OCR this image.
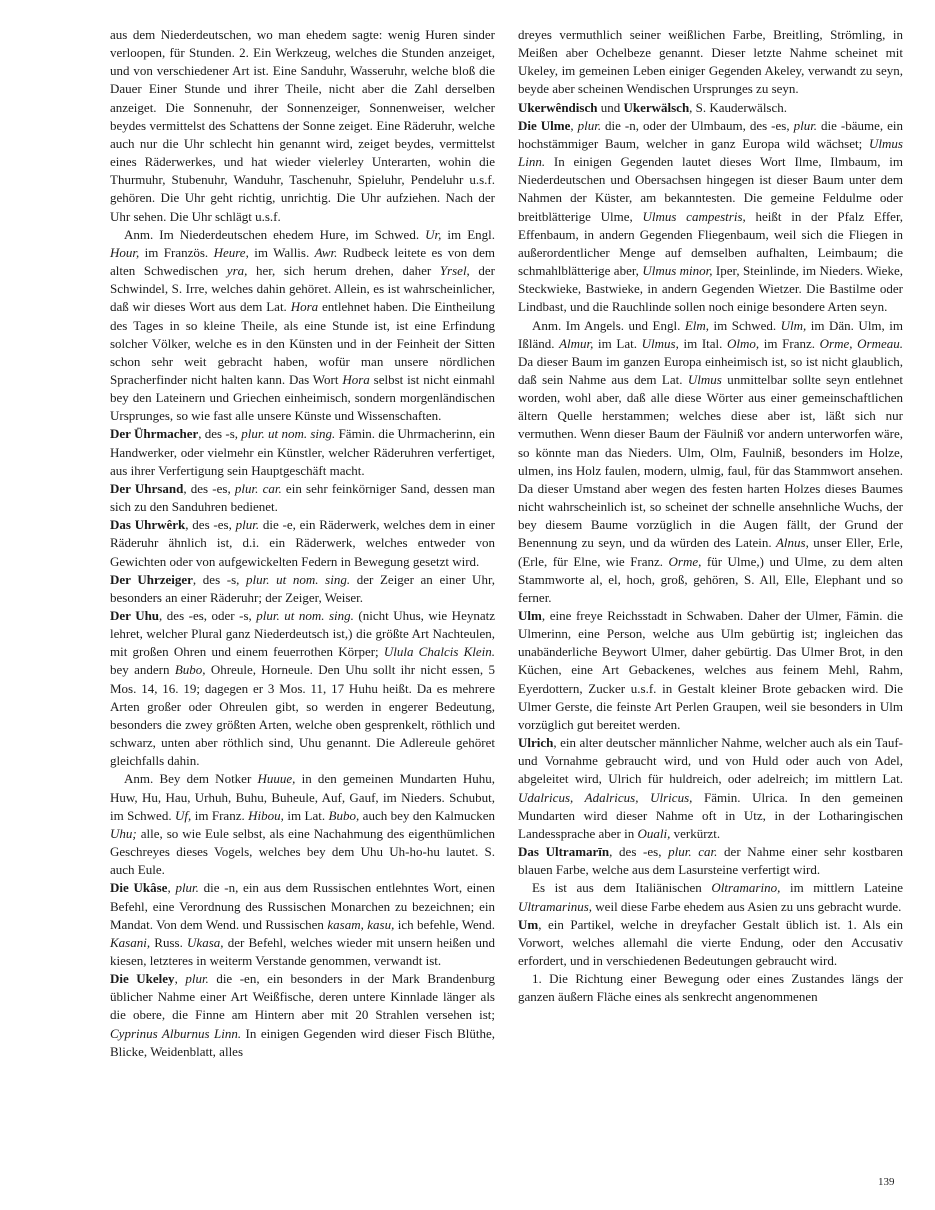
aus dem Niederdeutschen, wo man ehedem sagte: wenig Huren sinder verloopen, für Stunden. 2. Ein Werkzeug, welches die Stunden anzeiget, und von verschiedener Art ist. Eine Sanduhr, Wasseruhr, welche bloß die Dauer Einer Stunde und ihrer Theile, nicht aber die Zahl derselben anzeiget. Die Sonnenuhr, der Sonnenzeiger, Sonnenweiser, welcher beydes vermittelst des Schattens der Sonne zeiget. Eine Räderuhr, welche auch nur die Uhr schlecht hin genannt wird, zeiget beydes, vermittelst eines Räderwerkes, und hat wieder vielerley Unterarten, wohin die Thurmuhr, Stubenuhr, Wanduhr, Taschenuhr, Spieluhr, Pendeluhr u.s.f. gehören. Die Uhr geht richtig, unrichtig. Die Uhr aufziehen. Nach der Uhr sehen. Die Uhr schlägt u.s.f.

Anm. Im Niederdeutschen ehedem Hure, im Schwed. Ur, im Engl. Hour, im Französ. Heure, im Wallis. Awr. Rudbeck leitete es von dem alten Schwedischen yra, her, sich herum drehen, daher Yrsel, der Schwindel, S. Irre, welches dahin gehöret. Allein, es ist wahrscheinlicher, daß wir dieses Wort aus dem Lat. Hora entlehnet haben. Die Eintheilung des Tages in so kleine Theile, als eine Stunde ist, ist eine Erfindung solcher Völker, welche es in den Künsten und in der Feinheit der Sitten schon sehr weit gebracht haben, wofür man unsere nördlichen Spracherfinder nicht halten kann. Das Wort Hora selbst ist nicht einmahl bey den Lateinern und Griechen einheimisch, sondern morgenländischen Ursprunges, so wie fast alle unsere Künste und Wissenschaften.

Der Ührmacher, des -s, plur. ut nom. sing. Fämin. die Uhrmacherinn, ein Handwerker, oder vielmehr ein Künstler, welcher Räderuhren verfertiget, aus ihrer Verfertigung sein Hauptgeschäft macht.

Der Uhrsand, des -es, plur. car. ein sehr feinkörniger Sand, dessen man sich zu den Sanduhren bedienet.

Das Uhrwêrk, des -es, plur. die -e, ein Räderwerk, welches dem in einer Räderuhr ähnlich ist, d.i. ein Räderwerk, welches entweder von Gewichten oder von aufgewickelten Federn in Bewegung gesetzt wird.

Der Uhrzeiger, des -s, plur. ut nom. sing. der Zeiger an einer Uhr, besonders an einer Räderuhr; der Zeiger, Weiser.

Der Uhu, des -es, oder -s, plur. ut nom. sing. (nicht Uhus, wie Heynatz lehret, welcher Plural ganz Niederdeutsch ist,) die größte Art Nachteulen, mit großen Ohren und einem feuerrothen Körper; Ulula Chalcis Klein. bey andern Bubo, Ohreule, Horneule. Den Uhu sollt ihr nicht essen, 5 Mos. 14, 16. 19; dagegen er 3 Mos. 11, 17 Huhu heißt. Da es mehrere Arten großer oder Ohreulen gibt, so werden in engerer Bedeutung, besonders die zwey größten Arten, welche oben gesprenkelt, röthlich und schwarz, unten aber röthlich sind, Uhu genannt. Die Adlereule gehöret gleichfalls dahin.

Anm. Bey dem Notker Huuue, in den gemeinen Mundarten Huhu, Huw, Hu, Hau, Urhuh, Buhu, Buheule, Auf, Gauf, im Nieders. Schubut, im Schwed. Uf, im Franz. Hibou, im Lat. Bubo, auch bey den Kalmucken Uhu; alle, so wie Eule selbst, als eine Nachahmung des eigenthümlichen Geschreyes dieses Vogels, welches bey dem Uhu Uh-ho-hu lautet. S. auch Eule.

Die Ukâse, plur. die -n, ein aus dem Russischen entlehntes Wort, einen Befehl, eine Verordnung des Russischen Monarchen zu bezeichnen; ein Mandat. Von dem Wend. und Russischen kasam, kasu, ich befehle, Wend. Kasani, Russ. Ukasa, der Befehl, welches wieder mit unsern heißen und kiesen, letzteres in weiterm Verstande genommen, verwandt ist.

Die Ukeley, plur. die -en, ein besonders in der Mark Brandenburg üblicher Nahme einer Art Weißfische, deren untere Kinnlade länger als die obere, die Finne am Hintern aber mit 20 Strahlen versehen ist; Cyprinus Alburnus Linn. In einigen Gegenden wird dieser Fisch Blüthe, Blicke, Weidenblatt, alles

dreyes vermuthlich seiner weißlichen Farbe, Breitling, Strömling, in Meißen aber Ochelbeze genannt. Dieser letzte Nahme scheinet mit Ukeley, im gemeinen Leben einiger Gegenden Akeley, verwandt zu seyn, beyde aber scheinen Wendischen Ursprunges zu seyn.

Ukerwêndisch und Ukerwälsch, S. Kauderwälsch.

Die Ulme, plur. die -n, oder der Ulmbaum, des -es, plur. die -bäume, ein hochstämmiger Baum, welcher in ganz Europa wild wächset; Ulmus Linn. In einigen Gegenden lautet dieses Wort Ilme, Ilmbaum, im Niederdeutschen und Obersachsen hingegen ist dieser Baum unter dem Nahmen der Küster, am bekanntesten. Die gemeine Feldulme oder breitblätterige Ulme, Ulmus campestris, heißt in der Pfalz Effer, Effenbaum, in andern Gegenden Fliegenbaum, weil sich die Fliegen in außerordentlicher Menge auf demselben aufhalten, Leimbaum; die schmahlblätterige aber, Ulmus minor, Iper, Steinlinde, im Nieders. Wieke, Steckwieke, Bastwieke, in andern Gegenden Wietzer. Die Bastilme oder Lindbast, und die Rauchlinde sollen noch einige besondere Arten seyn.

Anm. Im Angels. und Engl. Elm, im Schwed. Ulm, im Dän. Ulm, im Ißländ. Almur, im Lat. Ulmus, im Ital. Olmo, im Franz. Orme, Ormeau. Da dieser Baum im ganzen Europa einheimisch ist, so ist nicht glaublich, daß sein Nahme aus dem Lat. Ulmus unmittelbar sollte seyn entlehnet worden, wohl aber, daß alle diese Wörter aus einer gemeinschaftlichen ältern Quelle herstammen; welches diese aber ist, läßt sich nur vermuthen. Wenn dieser Baum der Fäulniß vor andern unterworfen wäre, so könnte man das Nieders. Ulm, Olm, Faulniß, besonders im Holze, ulmen, ins Holz faulen, modern, ulmig, faul, für das Stammwort ansehen. Da dieser Umstand aber wegen des festen harten Holzes dieses Baumes nicht wahrscheinlich ist, so scheinet der schnelle ansehnliche Wuchs, der bey diesem Baume vorzüglich in die Augen fällt, der Grund der Benennung zu seyn, und da würden des Latein. Alnus, unser Eller, Erle, (Erle, für Elne, wie Franz. Orme, für Ulme,) und Ulme, zu dem alten Stammworte al, el, hoch, groß, gehören, S. All, Elle, Elephant und so ferner.

Ulm, eine freye Reichsstadt in Schwaben. Daher der Ulmer, Fämin. die Ulmerinn, eine Person, welche aus Ulm gebürtig ist; ingleichen das unabänderliche Beywort Ulmer, daher gebürtig. Das Ulmer Brot, in den Küchen, eine Art Gebackenes, welches aus feinem Mehl, Rahm, Eyerdottern, Zucker u.s.f. in Gestalt kleiner Brote gebacken wird. Die Ulmer Gerste, die feinste Art Perlen Graupen, weil sie besonders in Ulm vorzüglich gut bereitet werden.

Ulrich, ein alter deutscher männlicher Nahme, welcher auch als ein Tauf- und Vornahme gebraucht wird, und von Huld oder auch von Adel, abgeleitet wird, Ulrich für huldreich, oder adelreich; im mittlern Lat. Udalricus, Adalricus, Ulricus, Fämin. Ulrica. In den gemeinen Mundarten wird dieser Nahme oft in Utz, in der Lotharingischen Landessprache aber in Ouali, verkürzt.

Das Ultramarīn, des -es, plur. car. der Nahme einer sehr kostbaren blauen Farbe, welche aus dem Lasursteine verfertigt wird.

Es ist aus dem Italiänischen Oltramarino, im mittlern Lateine Ultramarinus, weil diese Farbe ehedem aus Asien zu uns gebracht wurde.

Um, ein Partikel, welche in dreyfacher Gestalt üblich ist. 1. Als ein Vorwort, welches allemahl die vierte Endung, oder den Accusativ erfordert, und in verschiedenen Bedeutungen gebraucht wird.

1. Die Richtung einer Bewegung oder eines Zustandes längs der ganzen äußern Fläche eines als senkrecht angenommenen

139
